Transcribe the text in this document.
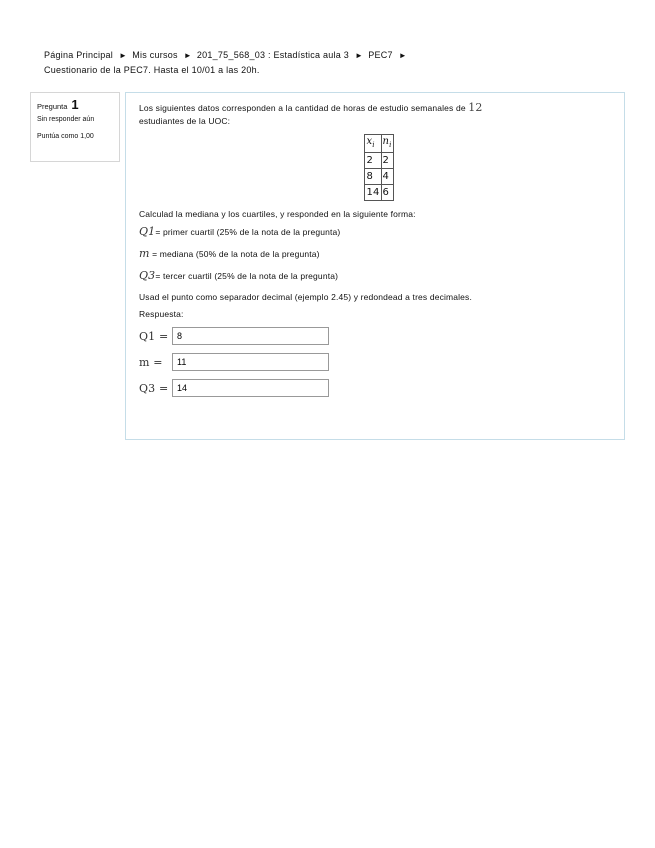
Página Principal ► Mis cursos ► 201_75_568_03 : Estadística aula 3 ► PEC7 ►
Cuestionario de la PEC7. Hasta el 10/01 a las 20h.
Pregunta 1
Sin responder aún
Puntúa como 1,00

Los siguientes datos corresponden a la cantidad de horas de estudio semanales de 12
estudiantes de la UOC:

$x_i$	$n_i$
2	2
8	4
14	6

Calculad la mediana y los cuartiles, y responded en la siguiente forma:

Q1= primer cuartil (25% de la nota de la pregunta)
m = mediana (50% de la nota de la pregunta)
Q3= tercer cuartil (25% de la nota de la pregunta)
Usad el punto como separador decimal (ejemplo 2.45) y redondead a tres decimales.

Respuesta:

Q1 =
8
m =
11
Q3 =
14
